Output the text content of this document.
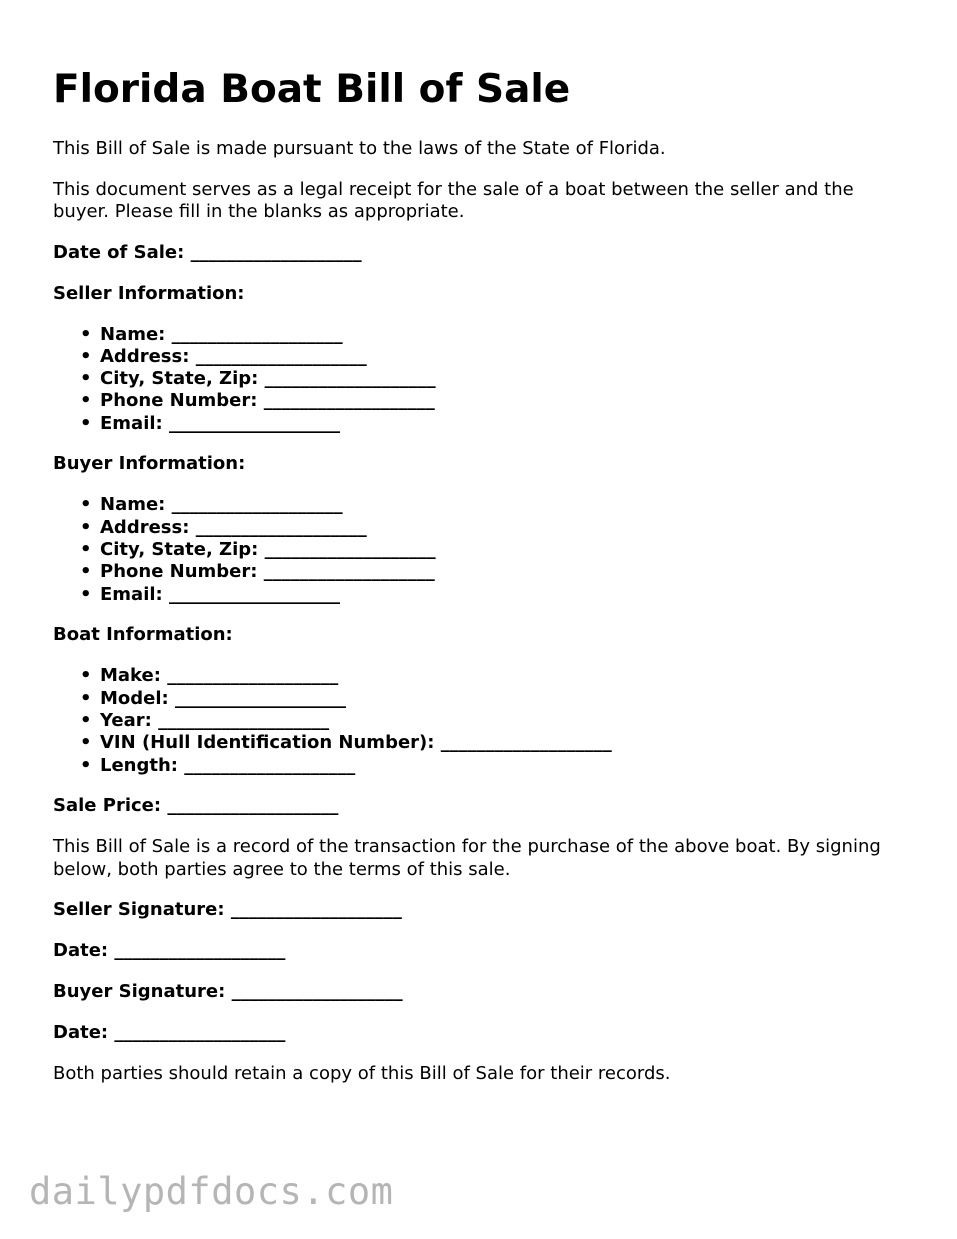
Florida Boat Bill of Sale

This Bill of Sale is made pursuant to the laws of the State of Florida.

This document serves as a legal receipt for the sale of a boat between the seller and the buyer. Please fill in the blanks as appropriate.

Date of Sale: ___________________
Seller Information:
• Name: ___________________
• Address: ___________________
• City, State, Zip: ___________________
• Phone Number: ___________________
• Email: ___________________
Buyer Information:
• Name: ___________________
• Address: ___________________
• City, State, Zip: ___________________
• Phone Number: ___________________
• Email: ___________________
Boat Information:
• Make: ___________________
• Model: ___________________
• Year: ___________________
• VIN (Hull Identification Number): ___________________
• Length: ___________________
Sale Price: ___________________

This Bill of Sale is a record of the transaction for the purchase of the above boat. By signing below, both parties agree to the terms of this sale.

Seller Signature: ___________________
Date: ___________________
Buyer Signature: ___________________
Date: ___________________

Both parties should retain a copy of this Bill of Sale for their records.

dailypdfdocs.com
